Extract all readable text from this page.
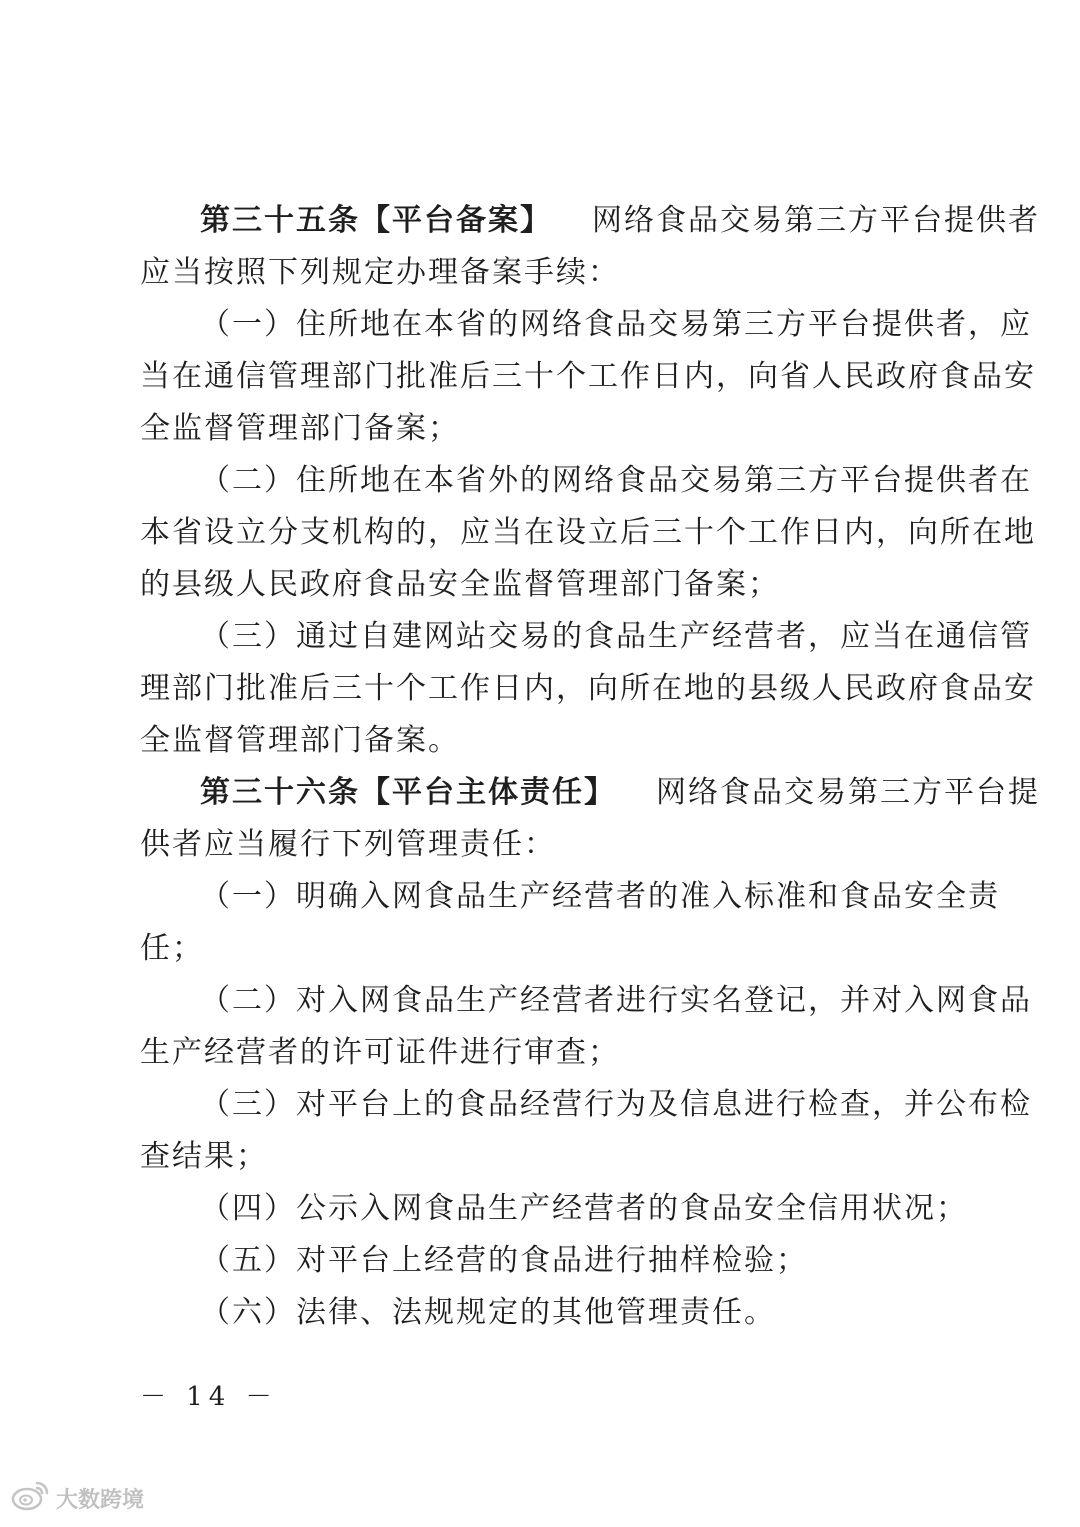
第三十五条【平台备案】 网络食品交易第三方平台提供者
应当按照下列规定办理备案手续：
（一）住所地在本省的网络食品交易第三方平台提供者，应
当在通信管理部门批准后三十个工作日内，向省人民政府食品安
全监督管理部门备案；
（二）住所地在本省外的网络食品交易第三方平台提供者在
本省设立分支机构的，应当在设立后三十个工作日内，向所在地
的县级人民政府食品安全监督管理部门备案；
（三）通过自建网站交易的食品生产经营者，应当在通信管
理部门批准后三十个工作日内，向所在地的县级人民政府食品安
全监督管理部门备案。
第三十六条【平台主体责任】 网络食品交易第三方平台提
供者应当履行下列管理责任：
（一）明确入网食品生产经营者的准入标准和食品安全责
任；
（二）对入网食品生产经营者进行实名登记，并对入网食品
生产经营者的许可证件进行审查；
（三）对平台上的食品经营行为及信息进行检查，并公布检
查结果；
（四）公示入网食品生产经营者的食品安全信用状况；
（五）对平台上经营的食品进行抽样检验；
（六）法律、法规规定的其他管理责任。
－ 14 －
大数跨境
